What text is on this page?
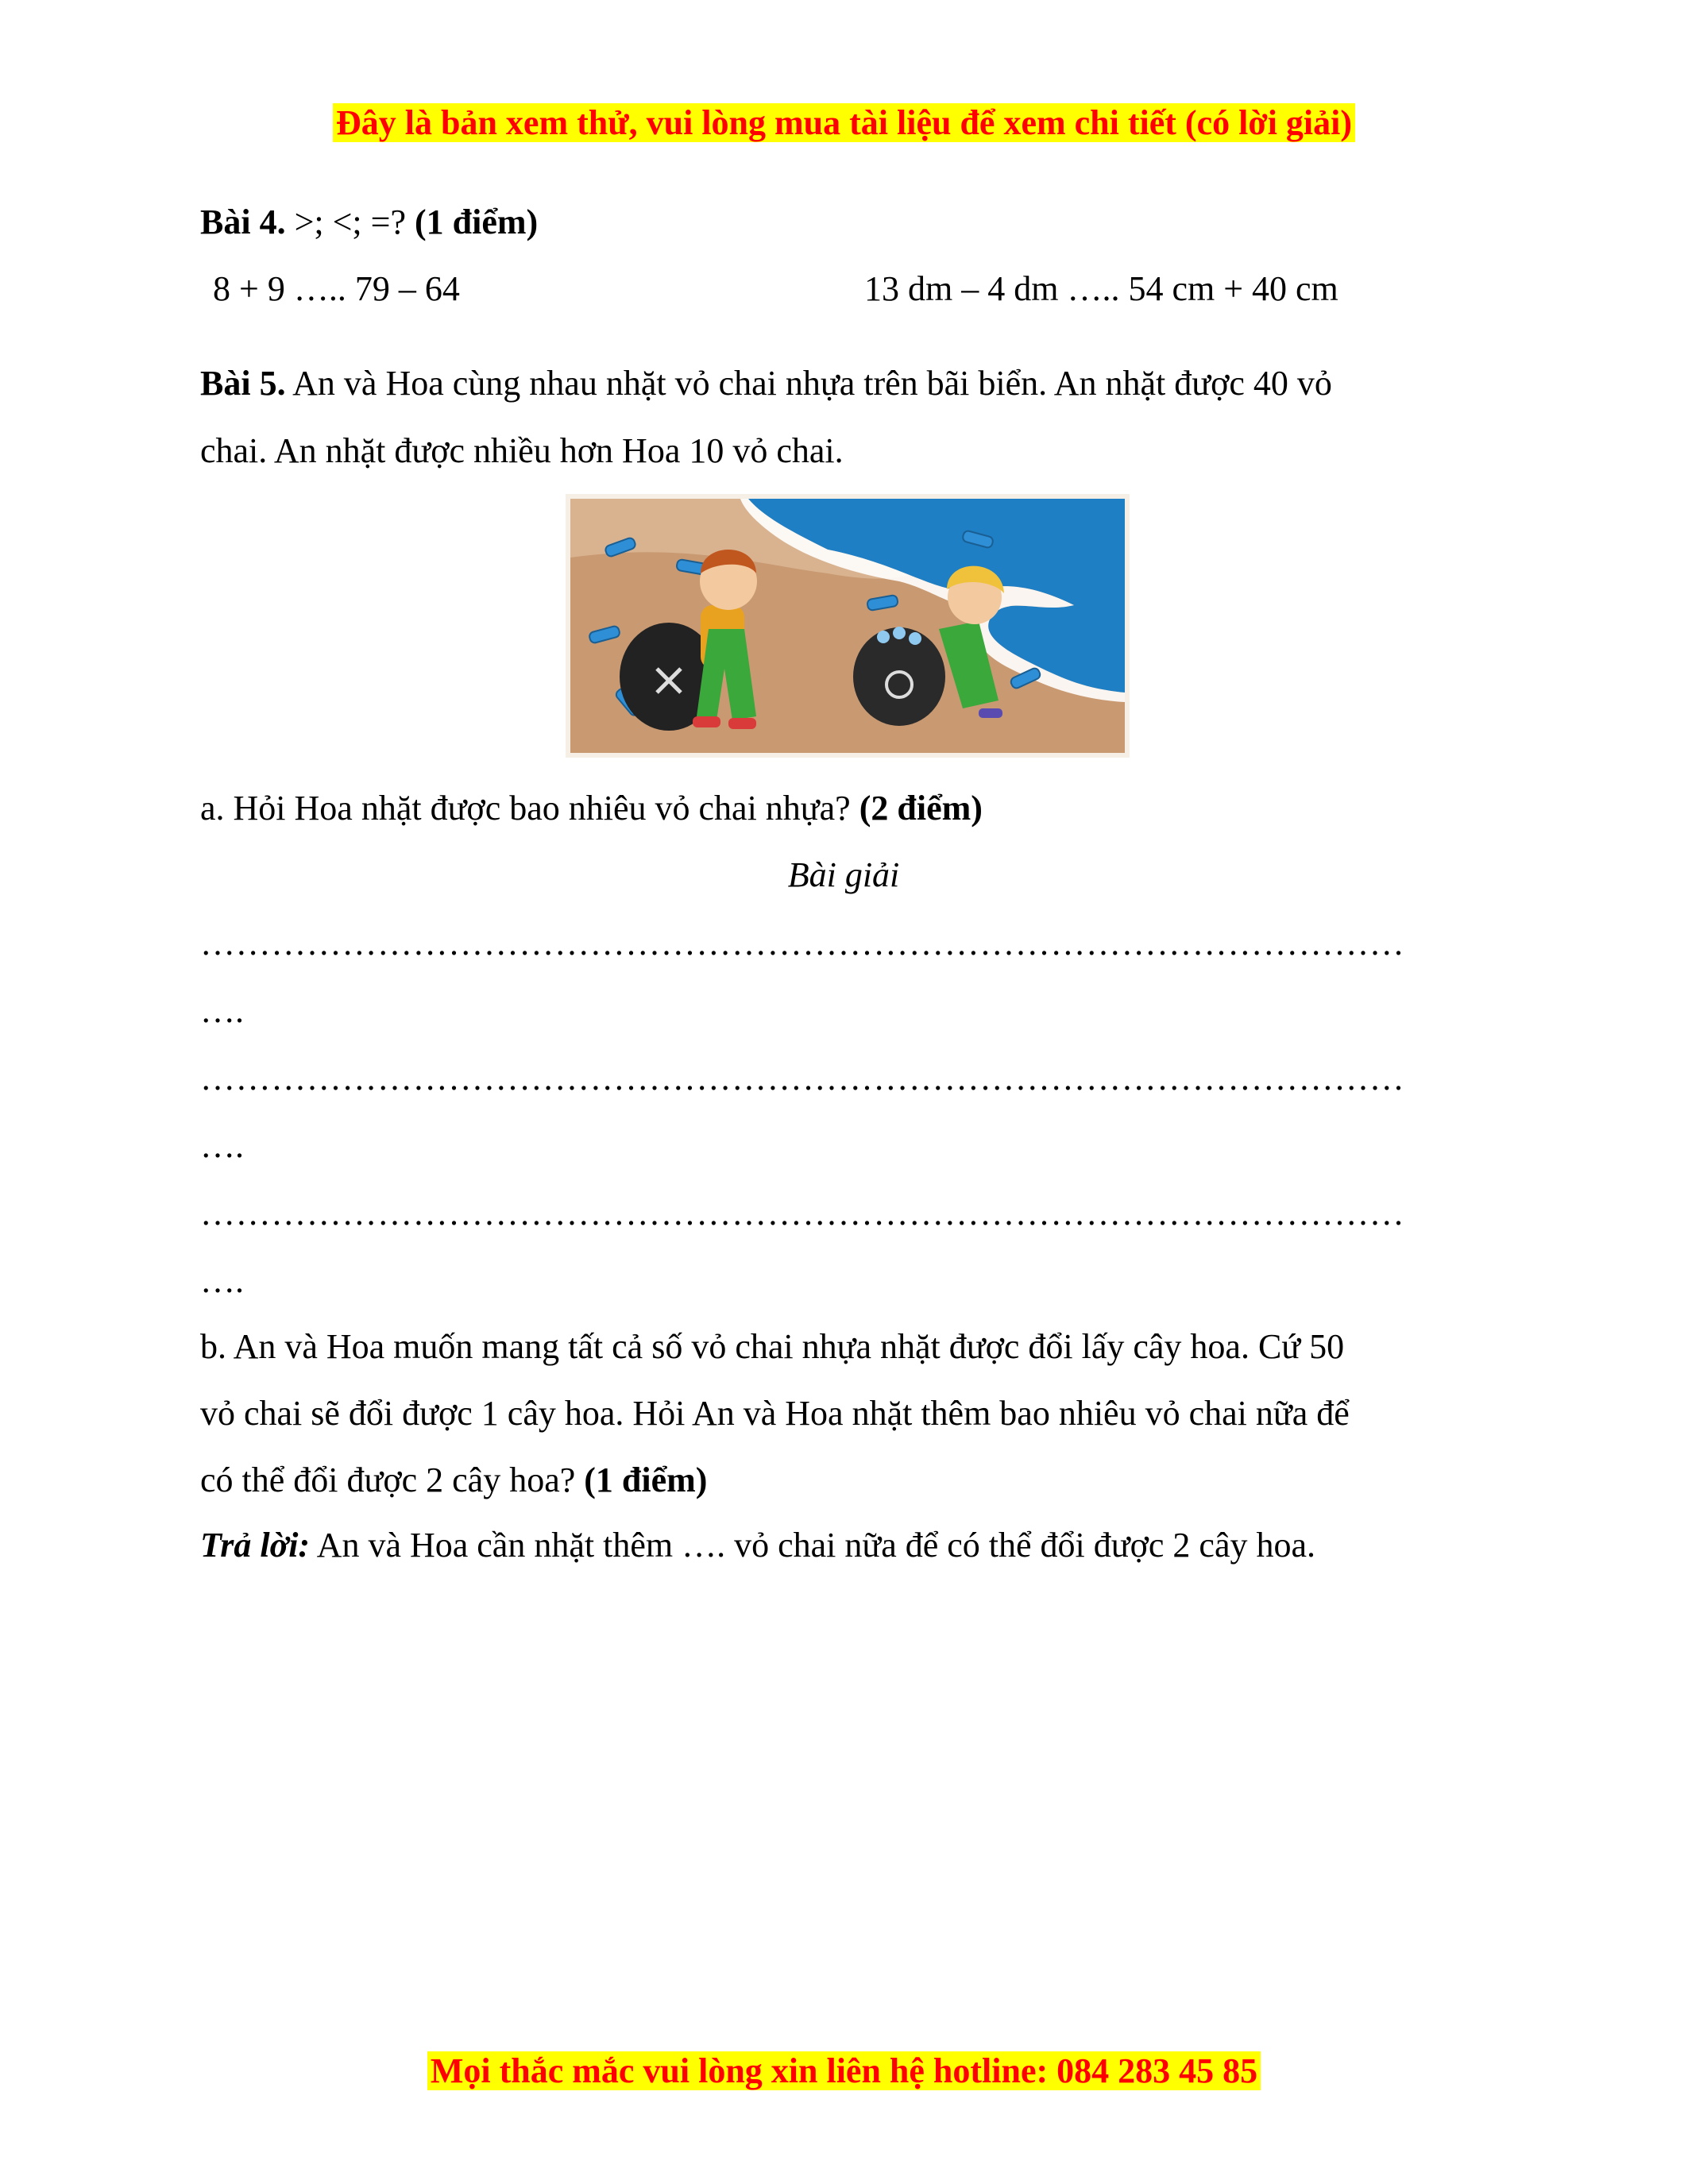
Đây là bản xem thử, vui lòng mua tài liệu để xem chi tiết (có lời giải)
Bài 4. >; <; =? (1 điểm)
8 + 9 ….. 79 – 64	13 dm – 4 dm ….. 54 cm + 40 cm
Bài 5. An và Hoa cùng nhau nhặt vỏ chai nhựa trên bãi biển. An nhặt được 40 vỏ
chai. An nhặt được nhiều hơn Hoa 10 vỏ chai.
a. Hỏi Hoa nhặt được bao nhiêu vỏ chai nhựa? (2 điểm)
Bài giải
…………………………………………………………………………………………
….
…………………………………………………………………………………………
….
…………………………………………………………………………………………
….
b. An và Hoa muốn mang tất cả số vỏ chai nhựa nhặt được đổi lấy cây hoa. Cứ 50
vỏ chai sẽ đổi được 1 cây hoa. Hỏi An và Hoa nhặt thêm bao nhiêu vỏ chai nữa để
có thể đổi được 2 cây hoa? (1 điểm)
Trả lời: An và Hoa cần nhặt thêm …. vỏ chai nữa để có thể đổi được 2 cây hoa.
Mọi thắc mắc vui lòng xin liên hệ hotline: 084 283 45 85
